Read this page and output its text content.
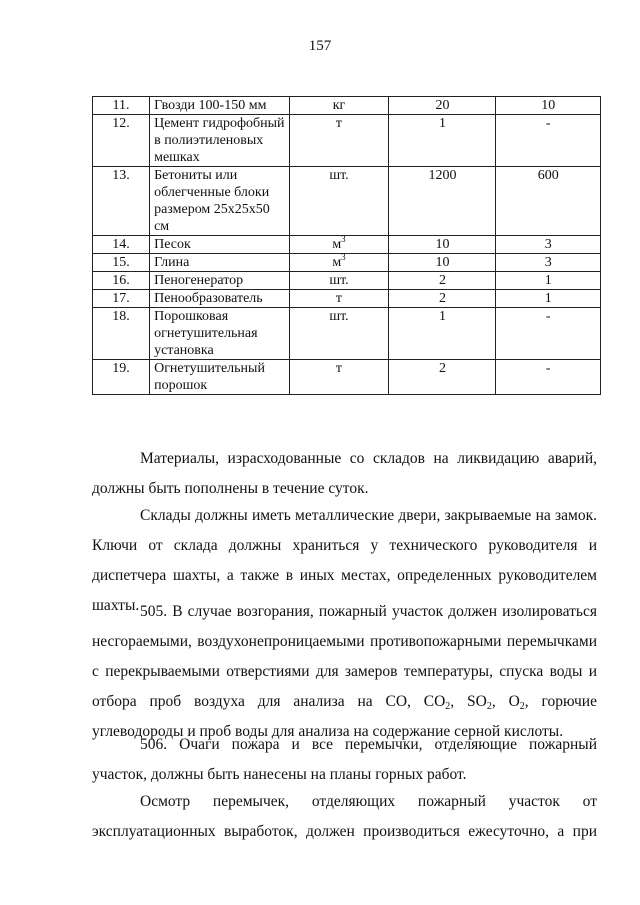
157
11.	Гвозди 100-150 мм	кг	20	10
12.	Цемент гидрофобный в полиэтиленовых мешках	т	1	-
13.	Бетониты или облегченные блоки размером 25х25х50 см	шт.	1200	600
14.	Песок	$м^3$	10	3
15.	Глина	$м^3$	10	3
16.	Пеногенератор	шт.	2	1
17.	Пенообразователь	т	2	1
18.	Порошковая огнетушительная установка	шт.	1	-
19.	Огнетушительный порошок	т	2	-

Материалы, израсходованные со складов на ликвидацию аварий, должны быть пополнены в течение суток.

Склады должны иметь металлические двери, закрываемые на замок. Ключи от склада должны храниться у технического руководителя и диспетчера шахты, а также в иных местах, определенных руководителем шахты. 505. В случае возгорания, пожарный участок должен изолироваться несгораемыми, воздухонепроницаемыми противопожарными перемычками с перекрываемыми отверстиями для замеров температуры, спуска воды и отбора проб воздуха для анализа на СО, $СО_2$, $SO_2$, $O_2$, горючие углеводороды и проб воды для анализа на содержание серной кислоты.

506. Очаги пожара и все перемычки, отделяющие пожарный участок, должны быть нанесены на планы горных работ.

Осмотр перемычек, отделяющих пожарный участок от эксплуатационных выработок, должен производиться ежесуточно, а при
